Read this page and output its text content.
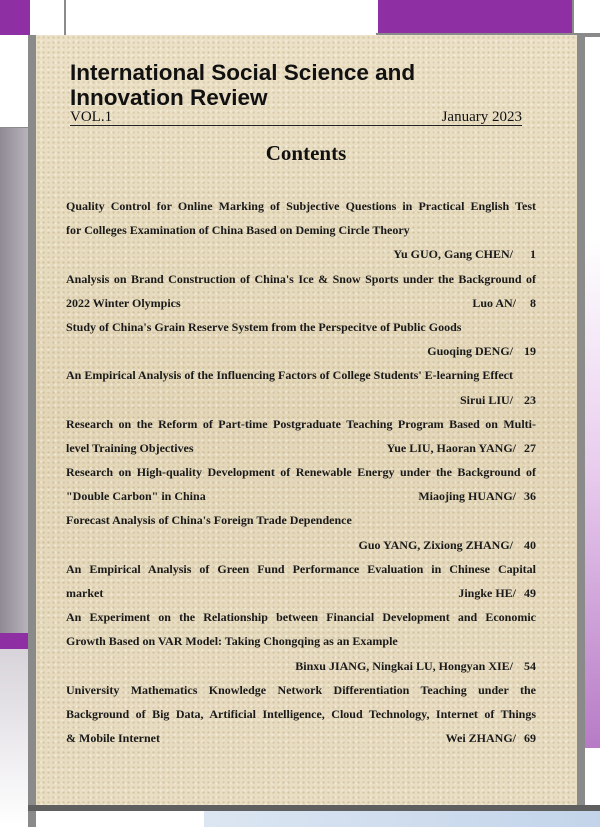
International Social Science and Innovation Review
VOL.1	January 2023
Contents
Quality Control for Online Marking of Subjective Questions in Practical English Test
for Colleges Examination of China Based on Deming Circle Theory
Yu GUO, Gang CHEN/ 1
Analysis on Brand Construction of China's Ice & Snow Sports under the Background of
2022 Winter Olympics	Luo AN/ 8
Study of China's Grain Reserve System from the Perspecitve of Public Goods
Guoqing DENG/ 19
An Empirical Analysis of the Influencing Factors of College Students' E-learning Effect
Sirui LIU/ 23
Research on the Reform of Part-time Postgraduate Teaching Program Based on Multi-
level Training Objectives	Yue LIU, Haoran YANG/ 27
Research on High-quality Development of Renewable Energy under the Background of
"Double Carbon" in China	Miaojing HUANG/ 36
Forecast Analysis of China's Foreign Trade Dependence
Guo YANG, Zixiong ZHANG/ 40
An Empirical Analysis of Green Fund Performance Evaluation in Chinese Capital
market	Jingke HE/ 49
An Experiment on the Relationship between Financial Development and Economic
Growth Based on VAR Model: Taking Chongqing as an Example
Binxu JIANG, Ningkai LU, Hongyan XIE/ 54
University Mathematics Knowledge Network Differentiation Teaching under the
Background of Big Data, Artificial Intelligence, Cloud Technology, Internet of Things
& Mobile Internet	Wei ZHANG/ 69
